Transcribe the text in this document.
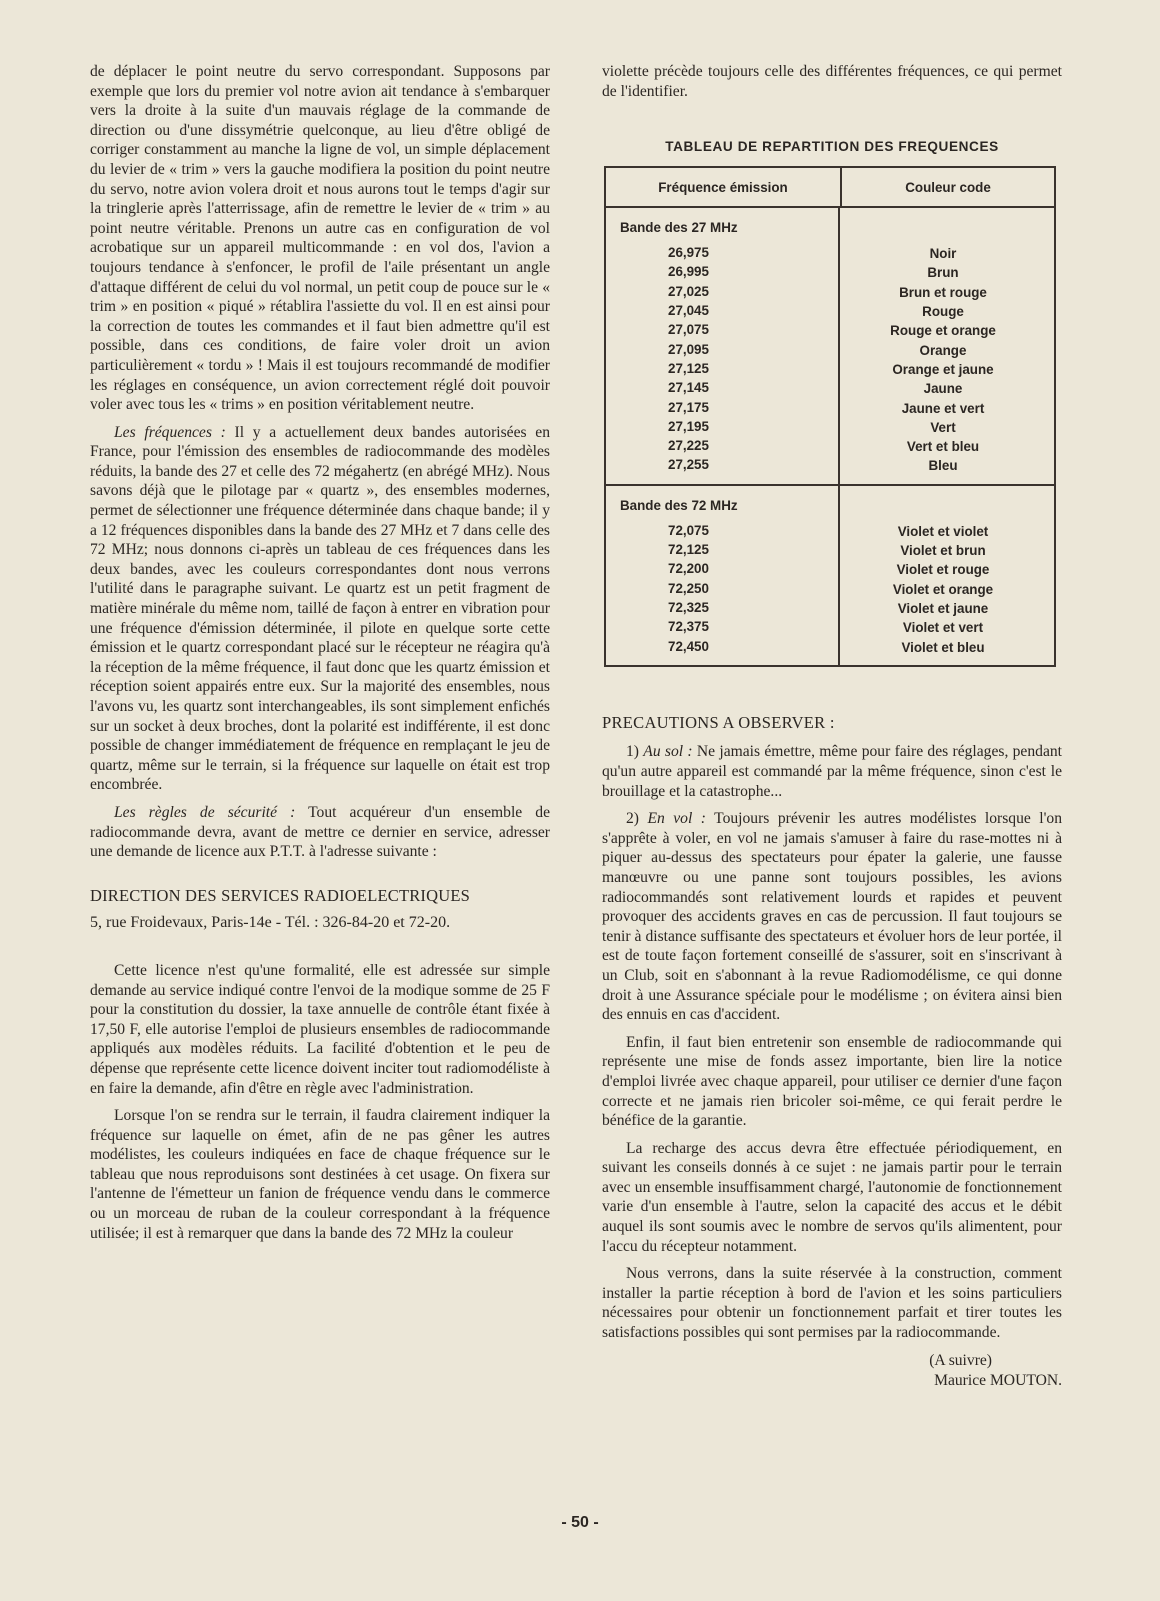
de déplacer le point neutre du servo correspondant. Supposons par exemple que lors du premier vol notre avion ait tendance à s'embarquer vers la droite à la suite d'un mauvais réglage de la commande de direction ou d'une dissymétrie quelconque, au lieu d'être obligé de corriger constamment au manche la ligne de vol, un simple déplacement du levier de « trim » vers la gauche modifiera la position du point neutre du servo, notre avion volera droit et nous aurons tout le temps d'agir sur la tringlerie après l'atterrissage, afin de remettre le levier de « trim » au point neutre véritable. Prenons un autre cas en configuration de vol acrobatique sur un appareil multicommande : en vol dos, l'avion a toujours tendance à s'enfoncer, le profil de l'aile présentant un angle d'attaque différent de celui du vol normal, un petit coup de pouce sur le « trim » en position « piqué » rétablira l'assiette du vol. Il en est ainsi pour la correction de toutes les commandes et il faut bien admettre qu'il est possible, dans ces conditions, de faire voler droit un avion particulièrement « tordu » ! Mais il est toujours recommandé de modifier les réglages en conséquence, un avion correctement réglé doit pouvoir voler avec tous les « trims » en position véritablement neutre.

Les fréquences : Il y a actuellement deux bandes autorisées en France, pour l'émission des ensembles de radiocommande des modèles réduits, la bande des 27 et celle des 72 mégahertz (en abrégé MHz). Nous savons déjà que le pilotage par « quartz », des ensembles modernes, permet de sélectionner une fréquence déterminée dans chaque bande; il y a 12 fréquences disponibles dans la bande des 27 MHz et 7 dans celle des 72 MHz; nous donnons ci-après un tableau de ces fréquences dans les deux bandes, avec les couleurs correspondantes dont nous verrons l'utilité dans le paragraphe suivant. Le quartz est un petit fragment de matière minérale du même nom, taillé de façon à entrer en vibration pour une fréquence d'émission déterminée, il pilote en quelque sorte cette émission et le quartz correspondant placé sur le récepteur ne réagira qu'à la réception de la même fréquence, il faut donc que les quartz émission et réception soient appairés entre eux. Sur la majorité des ensembles, nous l'avons vu, les quartz sont interchangeables, ils sont simplement enfichés sur un socket à deux broches, dont la polarité est indifférente, il est donc possible de changer immédiatement de fréquence en remplaçant le jeu de quartz, même sur le terrain, si la fréquence sur laquelle on était est trop encombrée.

Les règles de sécurité : Tout acquéreur d'un ensemble de radiocommande devra, avant de mettre ce dernier en service, adresser une demande de licence aux P.T.T. à l'adresse suivante :

DIRECTION DES SERVICES RADIOELECTRIQUES

5, rue Froidevaux, Paris-14e - Tél. : 326-84-20 et 72-20.

Cette licence n'est qu'une formalité, elle est adressée sur simple demande au service indiqué contre l'envoi de la modique somme de 25 F pour la constitution du dossier, la taxe annuelle de contrôle étant fixée à 17,50 F, elle autorise l'emploi de plusieurs ensembles de radiocommande appliqués aux modèles réduits. La facilité d'obtention et le peu de dépense que représente cette licence doivent inciter tout radiomodéliste à en faire la demande, afin d'être en règle avec l'administration.

Lorsque l'on se rendra sur le terrain, il faudra clairement indiquer la fréquence sur laquelle on émet, afin de ne pas gêner les autres modélistes, les couleurs indiquées en face de chaque fréquence sur le tableau que nous reproduisons sont destinées à cet usage. On fixera sur l'antenne de l'émetteur un fanion de fréquence vendu dans le commerce ou un morceau de ruban de la couleur correspondant à la fréquence utilisée; il est à remarquer que dans la bande des 72 MHz la couleur

violette précède toujours celle des différentes fréquences, ce qui permet de l'identifier.

TABLEAU DE REPARTITION DES FREQUENCES
Fréquence émission	Couleur code
Bande des 27 MHz
26,975
26,995
27,025
27,045
27,075
27,095
27,125
27,145
27,175
27,195
27,225
27,255
Noir
Brun
Brun et rouge
Rouge
Rouge et orange
Orange
Orange et jaune
Jaune
Jaune et vert
Vert
Vert et bleu
Bleu
Bande des 72 MHz
72,075
72,125
72,200
72,250
72,325
72,375
72,450
Violet et violet
Violet et brun
Violet et rouge
Violet et orange
Violet et jaune
Violet et vert
Violet et bleu

PRECAUTIONS A OBSERVER :

1) Au sol : Ne jamais émettre, même pour faire des réglages, pendant qu'un autre appareil est commandé par la même fréquence, sinon c'est le brouillage et la catastrophe...

2) En vol : Toujours prévenir les autres modélistes lorsque l'on s'apprête à voler, en vol ne jamais s'amuser à faire du rase-mottes ni à piquer au-dessus des spectateurs pour épater la galerie, une fausse manœuvre ou une panne sont toujours possibles, les avions radiocommandés sont relativement lourds et rapides et peuvent provoquer des accidents graves en cas de percussion. Il faut toujours se tenir à distance suffisante des spectateurs et évoluer hors de leur portée, il est de toute façon fortement conseillé de s'assurer, soit en s'inscrivant à un Club, soit en s'abonnant à la revue Radiomodélisme, ce qui donne droit à une Assurance spéciale pour le modélisme ; on évitera ainsi bien des ennuis en cas d'accident.

Enfin, il faut bien entretenir son ensemble de radiocommande qui représente une mise de fonds assez importante, bien lire la notice d'emploi livrée avec chaque appareil, pour utiliser ce dernier d'une façon correcte et ne jamais rien bricoler soi-même, ce qui ferait perdre le bénéfice de la garantie.

La recharge des accus devra être effectuée périodiquement, en suivant les conseils donnés à ce sujet : ne jamais partir pour le terrain avec un ensemble insuffisamment chargé, l'autonomie de fonctionnement varie d'un ensemble à l'autre, selon la capacité des accus et le débit auquel ils sont soumis avec le nombre de servos qu'ils alimentent, pour l'accu du récepteur notamment.

Nous verrons, dans la suite réservée à la construction, comment installer la partie réception à bord de l'avion et les soins particuliers nécessaires pour obtenir un fonctionnement parfait et tirer toutes les satisfactions possibles qui sont permises par la radiocommande.

(A suivre)
Maurice MOUTON.
- 50 -
